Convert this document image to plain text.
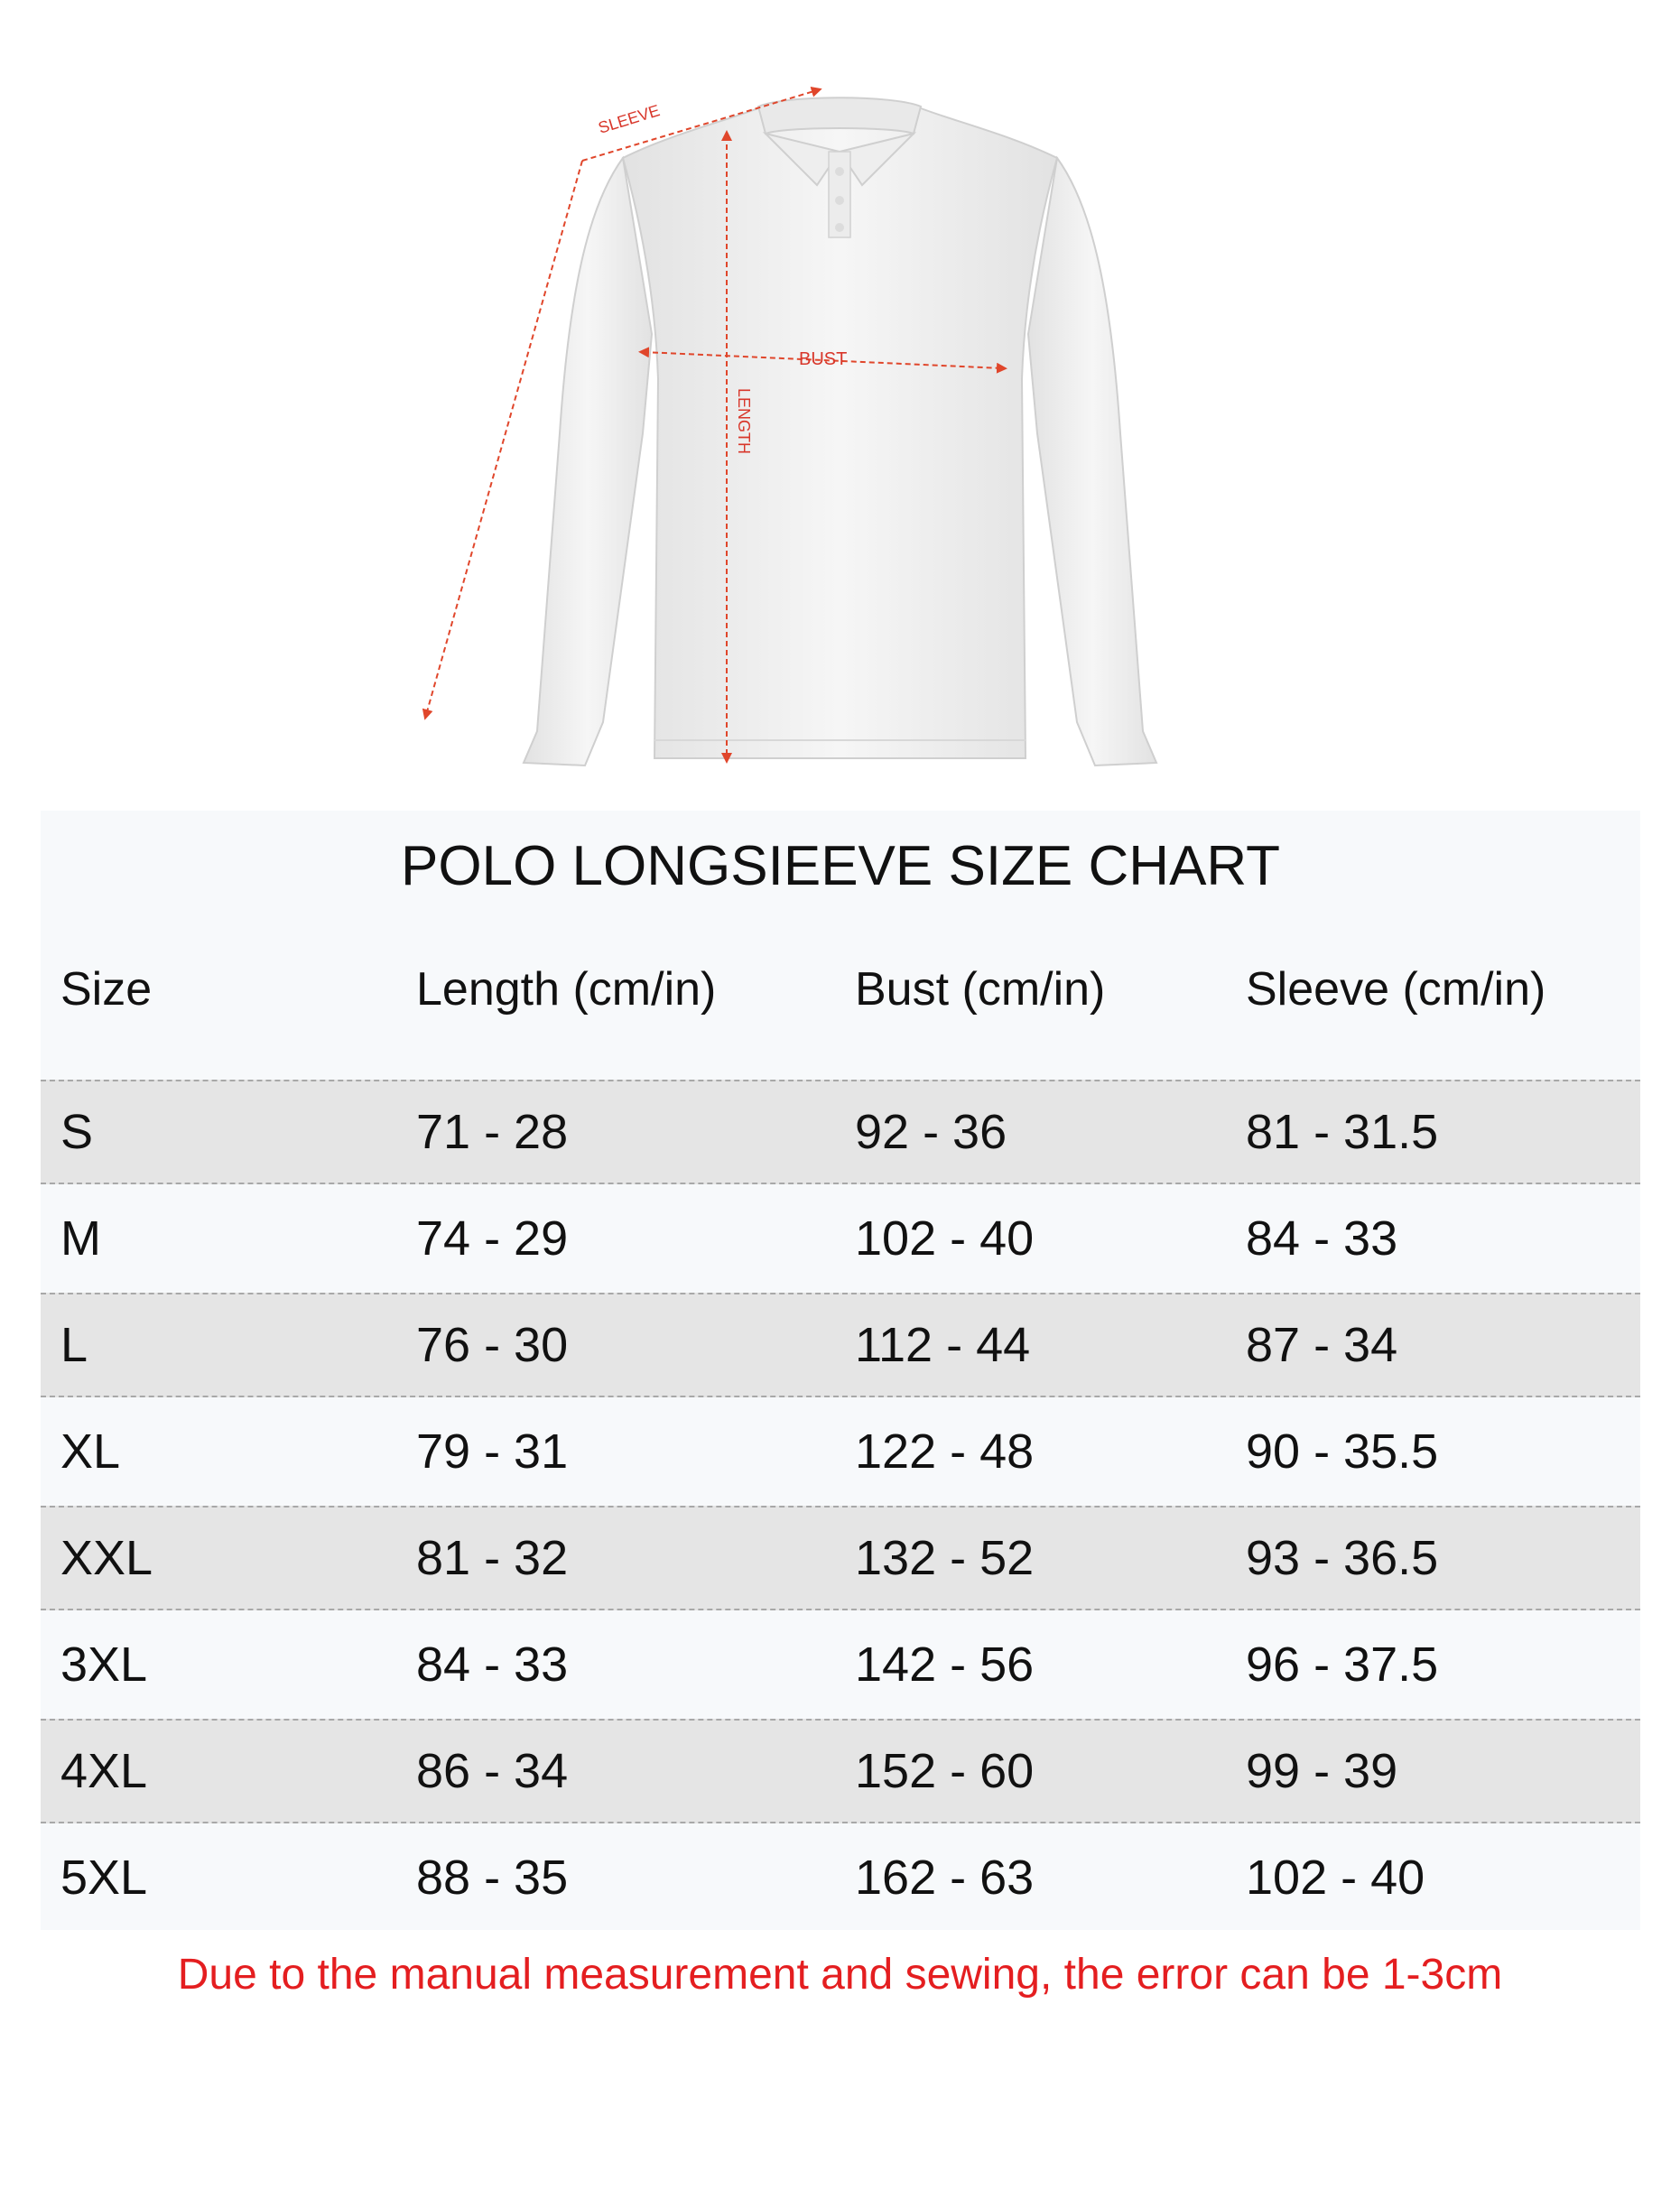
SLEEVE
BUST
LENGTH
POLO LONGSIEEVE SIZE CHART
Size	Length (cm/in)	Bust (cm/in)	Sleeve (cm/in)
S	71 - 28	92 - 36	81 - 31.5
M	74 - 29	102 - 40	84 - 33
L	76 - 30	112 - 44	87 - 34
XL	79 - 31	122 - 48	90 - 35.5
XXL	81 - 32	132 - 52	93 - 36.5
3XL	84 - 33	142 - 56	96 - 37.5
4XL	86 - 34	152 - 60	99 - 39
5XL	88 - 35	162 - 63	102 - 40
Due to the manual measurement and sewing, the error can be 1-3cm
